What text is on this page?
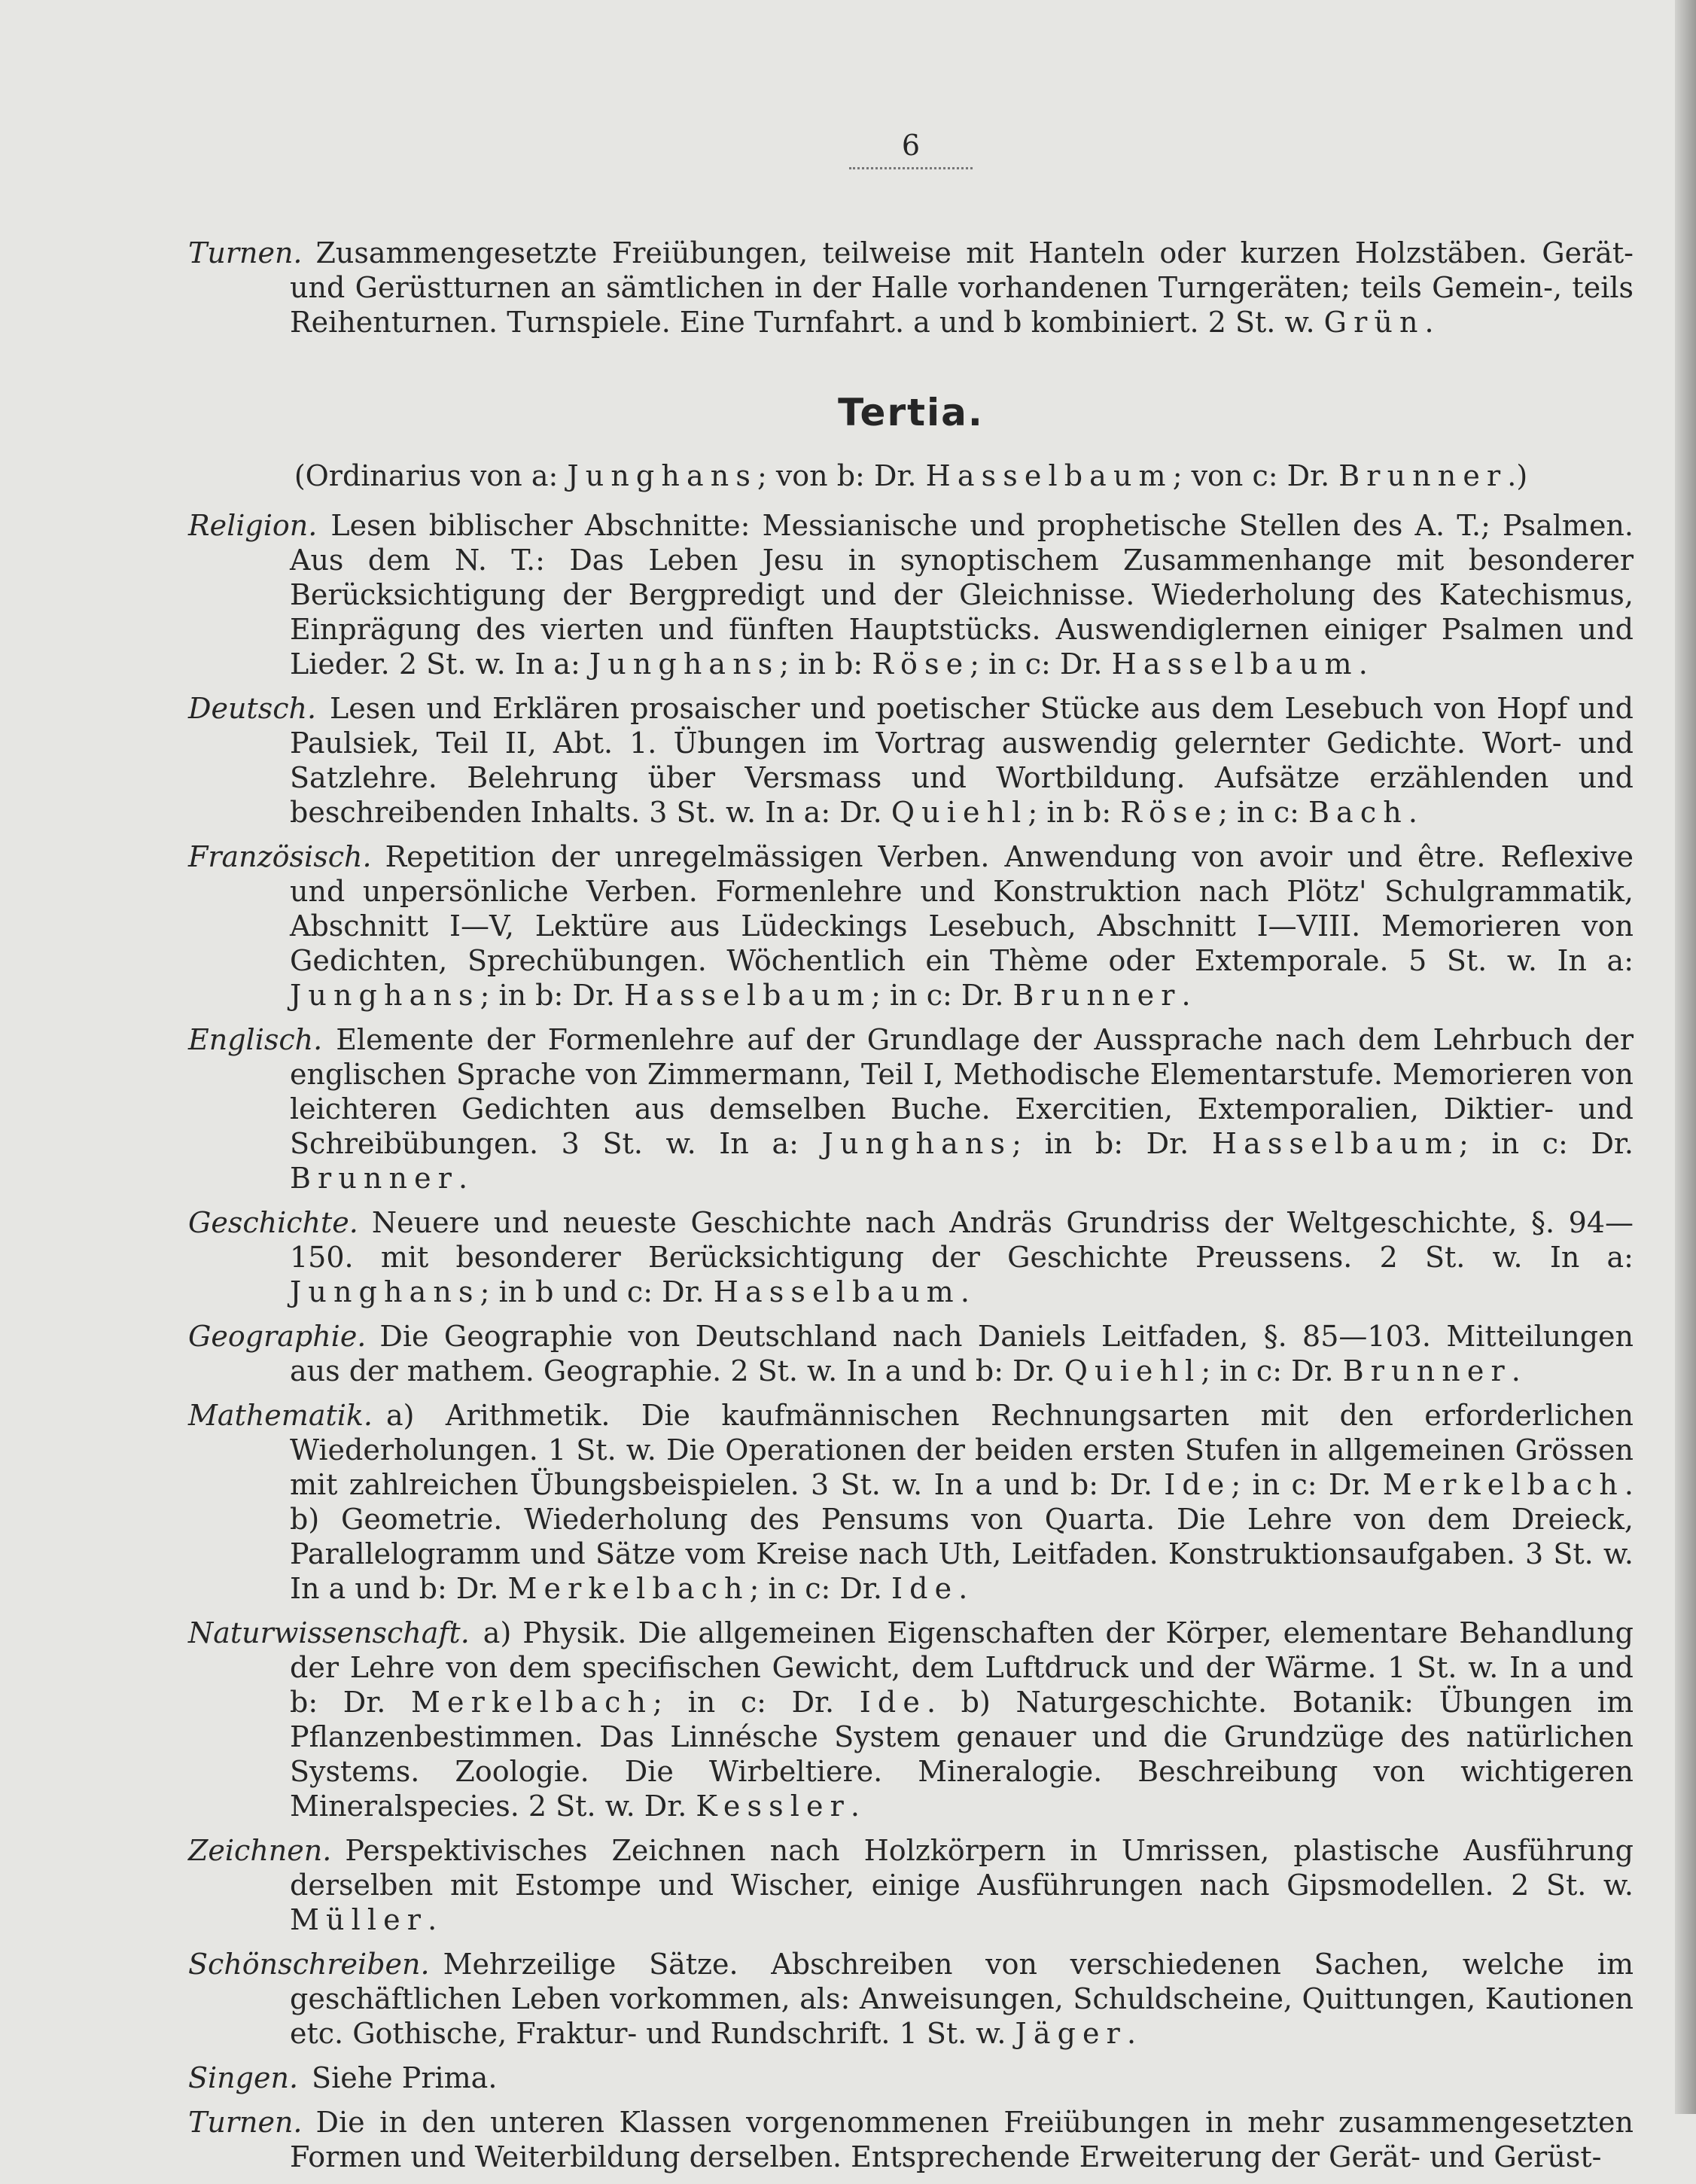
6

Turnen. Zusammengesetzte Freiübungen, teilweise mit Hanteln oder kurzen Holzstäben. Gerät- und Gerüstturnen an sämtlichen in der Halle vorhandenen Turngeräten; teils Gemein-, teils Reihenturnen. Turnspiele. Eine Turnfahrt. a und b kombiniert. 2 St. w. Grün.

Tertia.

(Ordinarius von a: Junghans; von b: Dr. Hasselbaum; von c: Dr. Brunner.)

Religion. Lesen biblischer Abschnitte: Messianische und prophetische Stellen des A. T.; Psalmen. Aus dem N. T.: Das Leben Jesu in synoptischem Zusammenhange mit besonderer Berücksichtigung der Bergpredigt und der Gleichnisse. Wiederholung des Katechismus, Einprägung des vierten und fünften Hauptstücks. Auswendiglernen einiger Psalmen und Lieder. 2 St. w. In a: Junghans; in b: Röse; in c: Dr. Hasselbaum.

Deutsch. Lesen und Erklären prosaischer und poetischer Stücke aus dem Lesebuch von Hopf und Paulsiek, Teil II, Abt. 1. Übungen im Vortrag auswendig gelernter Gedichte. Wort- und Satzlehre. Belehrung über Versmass und Wortbildung. Aufsätze erzählenden und beschreibenden Inhalts. 3 St. w. In a: Dr. Quiehl; in b: Röse; in c: Bach.

Französisch. Repetition der unregelmässigen Verben. Anwendung von avoir und être. Reflexive und unpersönliche Verben. Formenlehre und Konstruktion nach Plötz' Schulgrammatik, Abschnitt I—V, Lektüre aus Lüdeckings Lesebuch, Abschnitt I—VIII. Memorieren von Gedichten, Sprechübungen. Wöchentlich ein Thème oder Extemporale. 5 St. w. In a: Junghans; in b: Dr. Hasselbaum; in c: Dr. Brunner.

Englisch. Elemente der Formenlehre auf der Grundlage der Aussprache nach dem Lehrbuch der englischen Sprache von Zimmermann, Teil I, Methodische Elementarstufe. Memorieren von leichteren Gedichten aus demselben Buche. Exercitien, Extemporalien, Diktier- und Schreibübungen. 3 St. w. In a: Junghans; in b: Dr. Hasselbaum; in c: Dr. Brunner.

Geschichte. Neuere und neueste Geschichte nach Andräs Grundriss der Weltgeschichte, §. 94—150. mit besonderer Berücksichtigung der Geschichte Preussens. 2 St. w. In a: Junghans; in b und c: Dr. Hasselbaum.

Geographie. Die Geographie von Deutschland nach Daniels Leitfaden, §. 85—103. Mitteilungen aus der mathem. Geographie. 2 St. w. In a und b: Dr. Quiehl; in c: Dr. Brunner.

Mathematik. a) Arithmetik. Die kaufmännischen Rechnungsarten mit den erforderlichen Wiederholungen. 1 St. w. Die Operationen der beiden ersten Stufen in allgemeinen Grössen mit zahlreichen Übungsbeispielen. 3 St. w. In a und b: Dr. Ide; in c: Dr. Merkelbach. b) Geometrie. Wiederholung des Pensums von Quarta. Die Lehre von dem Dreieck, Parallelogramm und Sätze vom Kreise nach Uth, Leitfaden. Konstruktionsaufgaben. 3 St. w. In a und b: Dr. Merkelbach; in c: Dr. Ide.

Naturwissenschaft. a) Physik. Die allgemeinen Eigenschaften der Körper, elementare Behandlung der Lehre von dem specifischen Gewicht, dem Luftdruck und der Wärme. 1 St. w. In a und b: Dr. Merkelbach; in c: Dr. Ide. b) Naturgeschichte. Botanik: Übungen im Pflanzenbestimmen. Das Linnésche System genauer und die Grundzüge des natürlichen Systems. Zoologie. Die Wirbeltiere. Mineralogie. Beschreibung von wichtigeren Mineralspecies. 2 St. w. Dr. Kessler.

Zeichnen. Perspektivisches Zeichnen nach Holzkörpern in Umrissen, plastische Ausführung derselben mit Estompe und Wischer, einige Ausführungen nach Gipsmodellen. 2 St. w. Müller.

Schönschreiben. Mehrzeilige Sätze. Abschreiben von verschiedenen Sachen, welche im geschäftlichen Leben vorkommen, als: Anweisungen, Schuldscheine, Quittungen, Kautionen etc. Gothische, Fraktur- und Rundschrift. 1 St. w. Jäger.

Singen. Siehe Prima.

Turnen. Die in den unteren Klassen vorgenommenen Freiübungen in mehr zusammengesetzten Formen und Weiterbildung derselben. Entsprechende Erweiterung der Gerät- und Gerüst-
